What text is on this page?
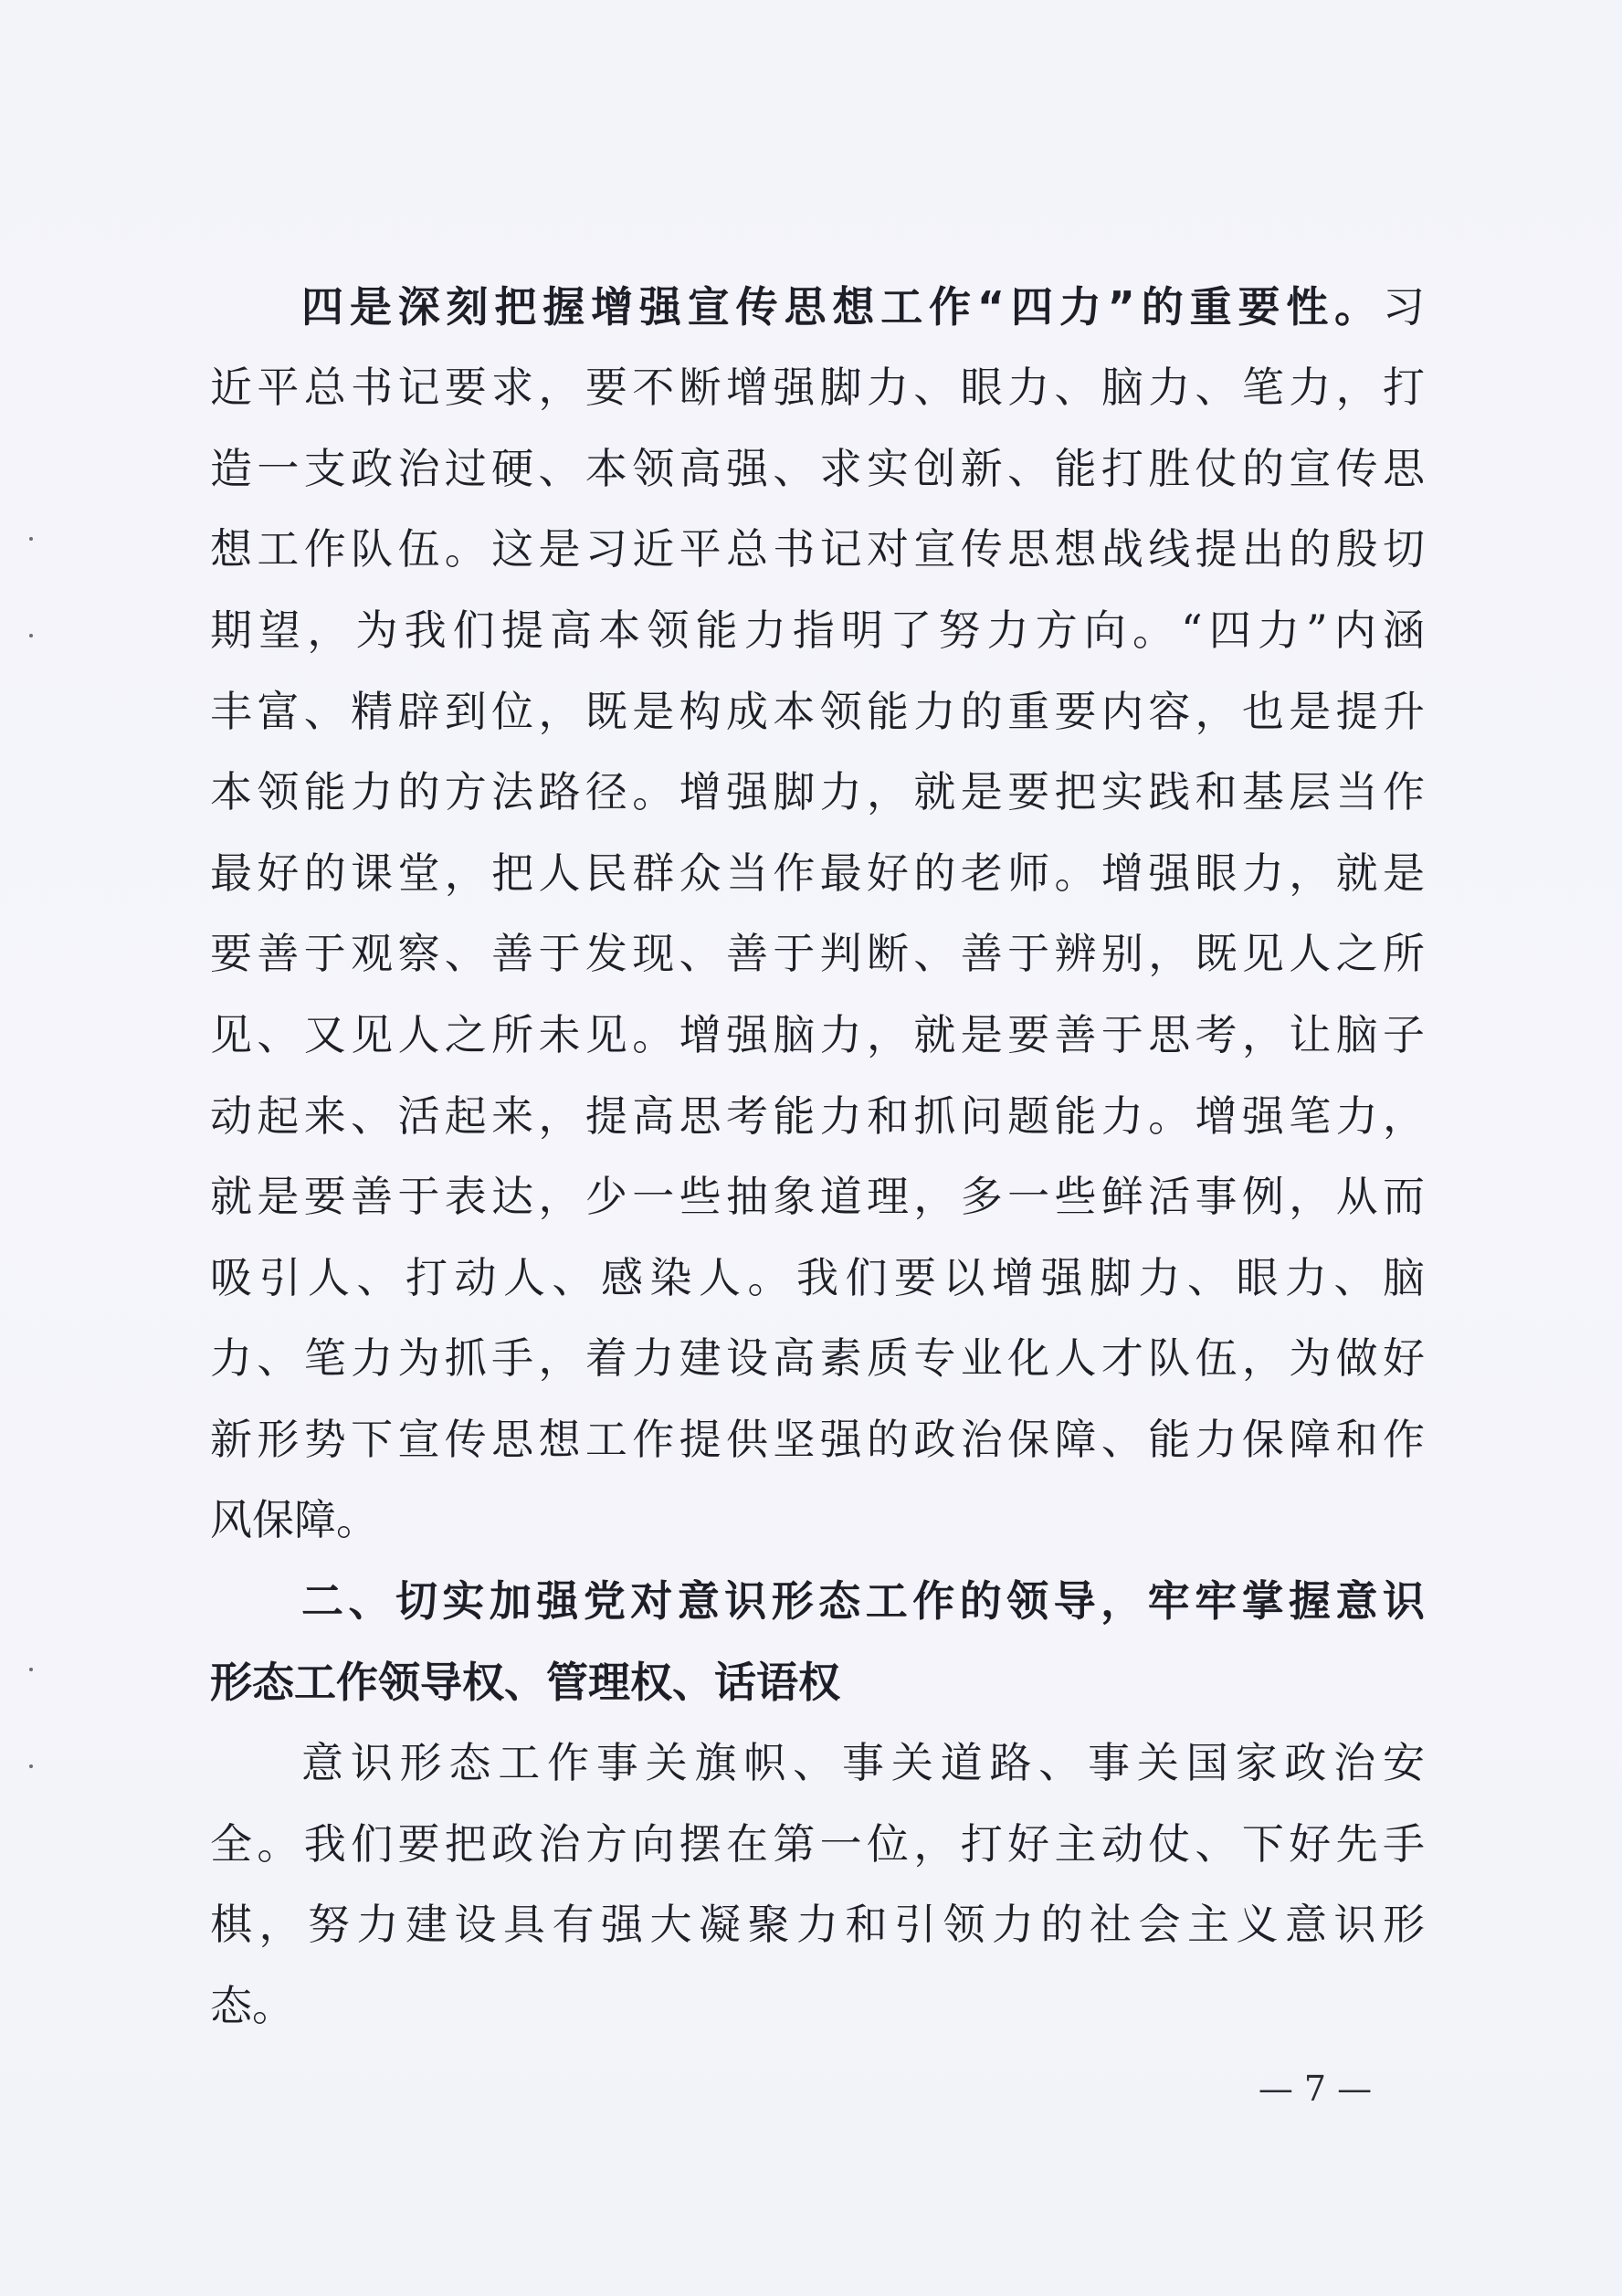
四是深刻把握增强宣传思想工作“四力”的重要性。习
近平总书记要求，要不断增强脚力、眼力、脑力、笔力，打
造一支政治过硬、本领高强、求实创新、能打胜仗的宣传思
想工作队伍。这是习近平总书记对宣传思想战线提出的殷切
期望，为我们提高本领能力指明了努力方向。“四力”内涵
丰富、精辟到位，既是构成本领能力的重要内容，也是提升
本领能力的方法路径。增强脚力，就是要把实践和基层当作
最好的课堂，把人民群众当作最好的老师。增强眼力，就是
要善于观察、善于发现、善于判断、善于辨别，既见人之所
见、又见人之所未见。增强脑力，就是要善于思考，让脑子
动起来、活起来，提高思考能力和抓问题能力。增强笔力，
就是要善于表达，少一些抽象道理，多一些鲜活事例，从而
吸引人、打动人、感染人。我们要以增强脚力、眼力、脑
力、笔力为抓手，着力建设高素质专业化人才队伍，为做好
新形势下宣传思想工作提供坚强的政治保障、能力保障和作
风保障。
二、切实加强党对意识形态工作的领导，牢牢掌握意识
形态工作领导权、管理权、话语权
意识形态工作事关旗帜、事关道路、事关国家政治安
全。我们要把政治方向摆在第一位，打好主动仗、下好先手
棋，努力建设具有强大凝聚力和引领力的社会主义意识形
态。
— 7 —
